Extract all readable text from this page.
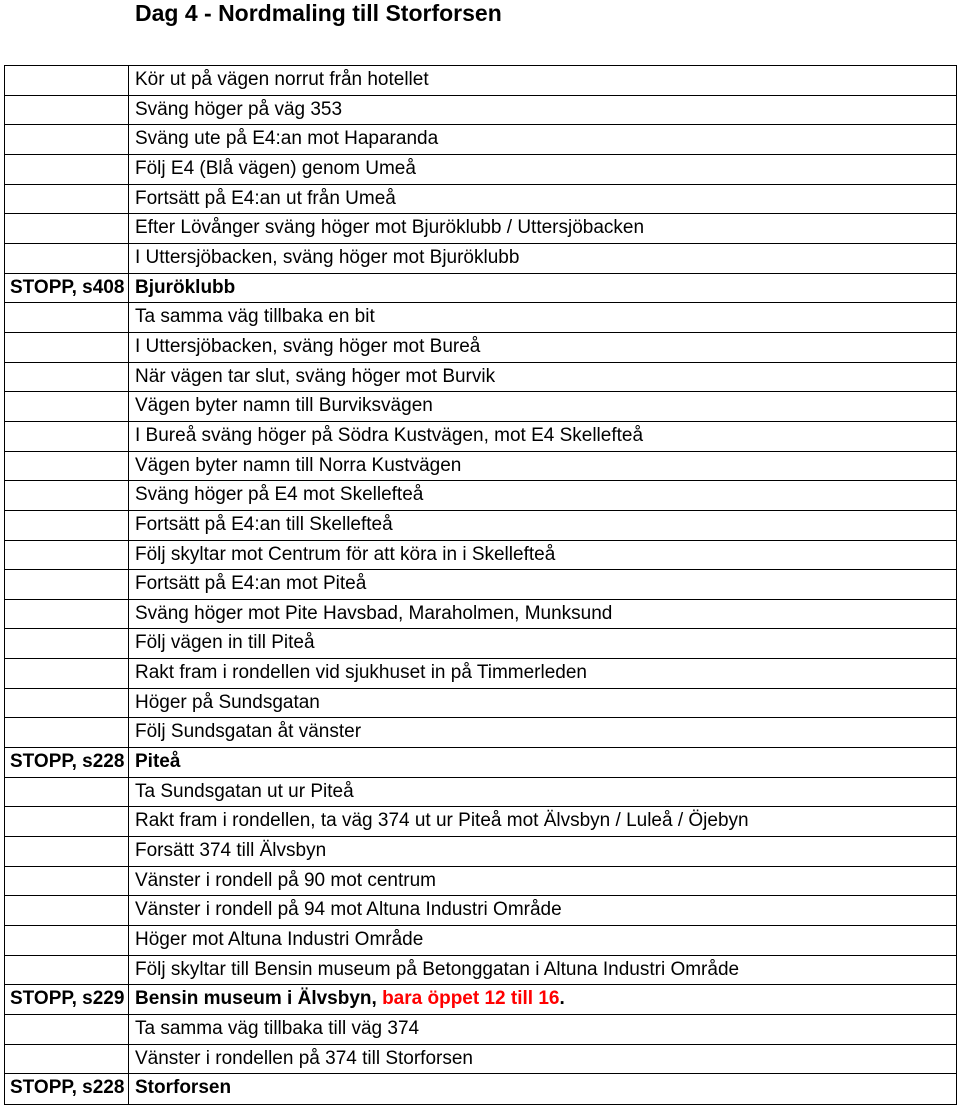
Dag 4 - Nordmaling till Storforsen
Kör ut på vägen norrut från hotellet
Sväng höger på väg 353
Sväng ute på E4:an mot Haparanda
Följ E4 (Blå vägen) genom Umeå
Fortsätt på E4:an ut från Umeå
Efter Lövånger sväng höger mot Bjuröklubb / Uttersjöbacken
I Uttersjöbacken, sväng höger mot Bjuröklubb
STOPP, s408 Bjuröklubb
Ta samma väg tillbaka en bit
I Uttersjöbacken, sväng höger mot Bureå
När vägen tar slut, sväng höger mot Burvik
Vägen byter namn till Burviksvägen
I Bureå sväng höger på Södra Kustvägen, mot E4 Skellefteå
Vägen byter namn till Norra Kustvägen
Sväng höger på E4 mot Skellefteå
Fortsätt på E4:an till Skellefteå
Följ skyltar mot Centrum för att köra in i Skellefteå
Fortsätt på E4:an mot Piteå
Sväng höger mot Pite Havsbad, Maraholmen, Munksund
Följ vägen in till Piteå
Rakt fram i rondellen vid sjukhuset in på Timmerleden
Höger på Sundsgatan
Följ Sundsgatan åt vänster
STOPP, s228 Piteå
Ta Sundsgatan ut ur Piteå
Rakt fram i rondellen, ta väg 374 ut ur Piteå mot Älvsbyn / Luleå / Öjebyn
Forsätt 374 till Älvsbyn
Vänster i rondell på 90 mot centrum
Vänster i rondell på 94 mot Altuna Industri Område
Höger mot Altuna Industri Område
Följ skyltar till Bensin museum på Betonggatan i Altuna Industri Område
STOPP, s229 Bensin museum i Älvsbyn, bara öppet 12 till 16.
Ta samma väg tillbaka till väg 374
Vänster i rondellen på 374 till Storforsen
STOPP, s228 Storforsen
